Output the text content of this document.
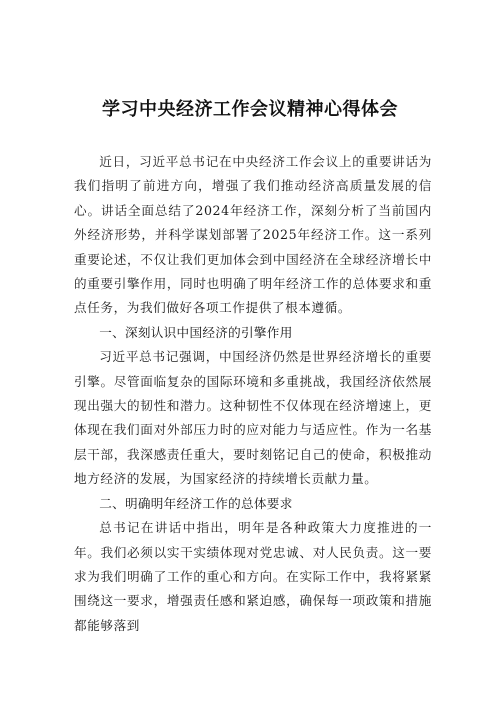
学习中央经济工作会议精神心得体会

近日，习近平总书记在中央经济工作会议上的重要讲话为我们指明了前进方向，增强了我们推动经济高质量发展的信心。讲话全面总结了2024年经济工作，深刻分析了当前国内外经济形势，并科学谋划部署了2025年经济工作。这一系列重要论述，不仅让我们更加体会到中国经济在全球经济增长中的重要引擎作用，同时也明确了明年经济工作的总体要求和重点任务，为我们做好各项工作提供了根本遵循。

一、深刻认识中国经济的引擎作用

习近平总书记强调，中国经济仍然是世界经济增长的重要引擎。尽管面临复杂的国际环境和多重挑战，我国经济依然展现出强大的韧性和潜力。这种韧性不仅体现在经济增速上，更体现在我们面对外部压力时的应对能力与适应性。作为一名基层干部，我深感责任重大，要时刻铭记自己的使命，积极推动地方经济的发展，为国家经济的持续增长贡献力量。

二、明确明年经济工作的总体要求

总书记在讲话中指出，明年是各种政策大力度推进的一年。我们必须以实干实绩体现对党忠诚、对人民负责。这一要求为我们明确了工作的重心和方向。在实际工作中，我将紧紧围绕这一要求，增强责任感和紧迫感，确保每一项政策和措施都能够落到
